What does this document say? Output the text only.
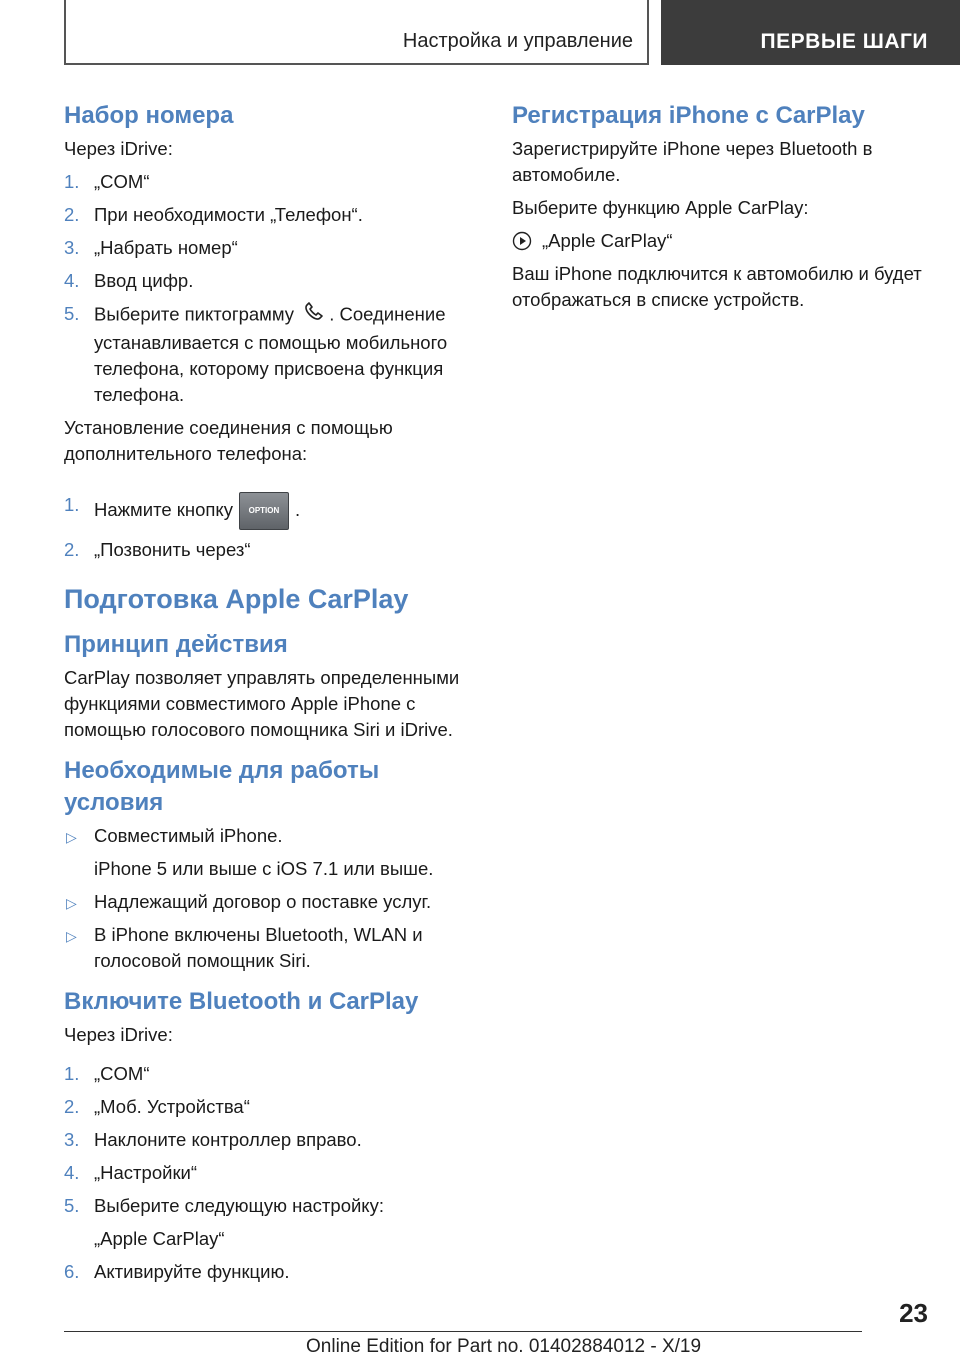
Настройка и управление	ПЕРВЫЕ ШАГИ
Набор номера

Через iDrive:

1. „COM“
2. При необходимости „Телефон“.
3. „Набрать номер“
4. Ввод цифр.
5. Выберите пиктограмму . Соединение устанавливается с помощью мобильного телефона, которому присвоена функция телефона.

Установление соединения с помощью дополнительного телефона:

1. Нажмите кнопку OPTION .
2. „Позвонить через“
Подготовка Apple CarPlay
Принцип действия

CarPlay позволяет управлять определенными функциями совместимого Apple iPhone с помощью голосового помощника Siri и iDrive.

Необходимые для работы условия
▷ Совместимый iPhone.
iPhone 5 или выше с iOS 7.1 или выше.
▷ Надлежащий договор о поставке услуг.
▷ В iPhone включены Bluetooth, WLAN и голосовой помощник Siri.
Включите Bluetooth и CarPlay

Через iDrive:

1. „COM“
2. „Моб. Устройства“
3. Наклоните контроллер вправо.
4. „Настройки“
5. Выберите следующую настройку:
„Apple CarPlay“
6. Активируйте функцию.
Регистрация iPhone с CarPlay

Зарегистрируйте iPhone через Bluetooth в автомобиле.

Выберите функцию Apple CarPlay:

„Apple CarPlay“

Ваш iPhone подключится к автомобилю и будет отображаться в списке устройств.

23
Online Edition for Part no. 01402884012 - X/19
